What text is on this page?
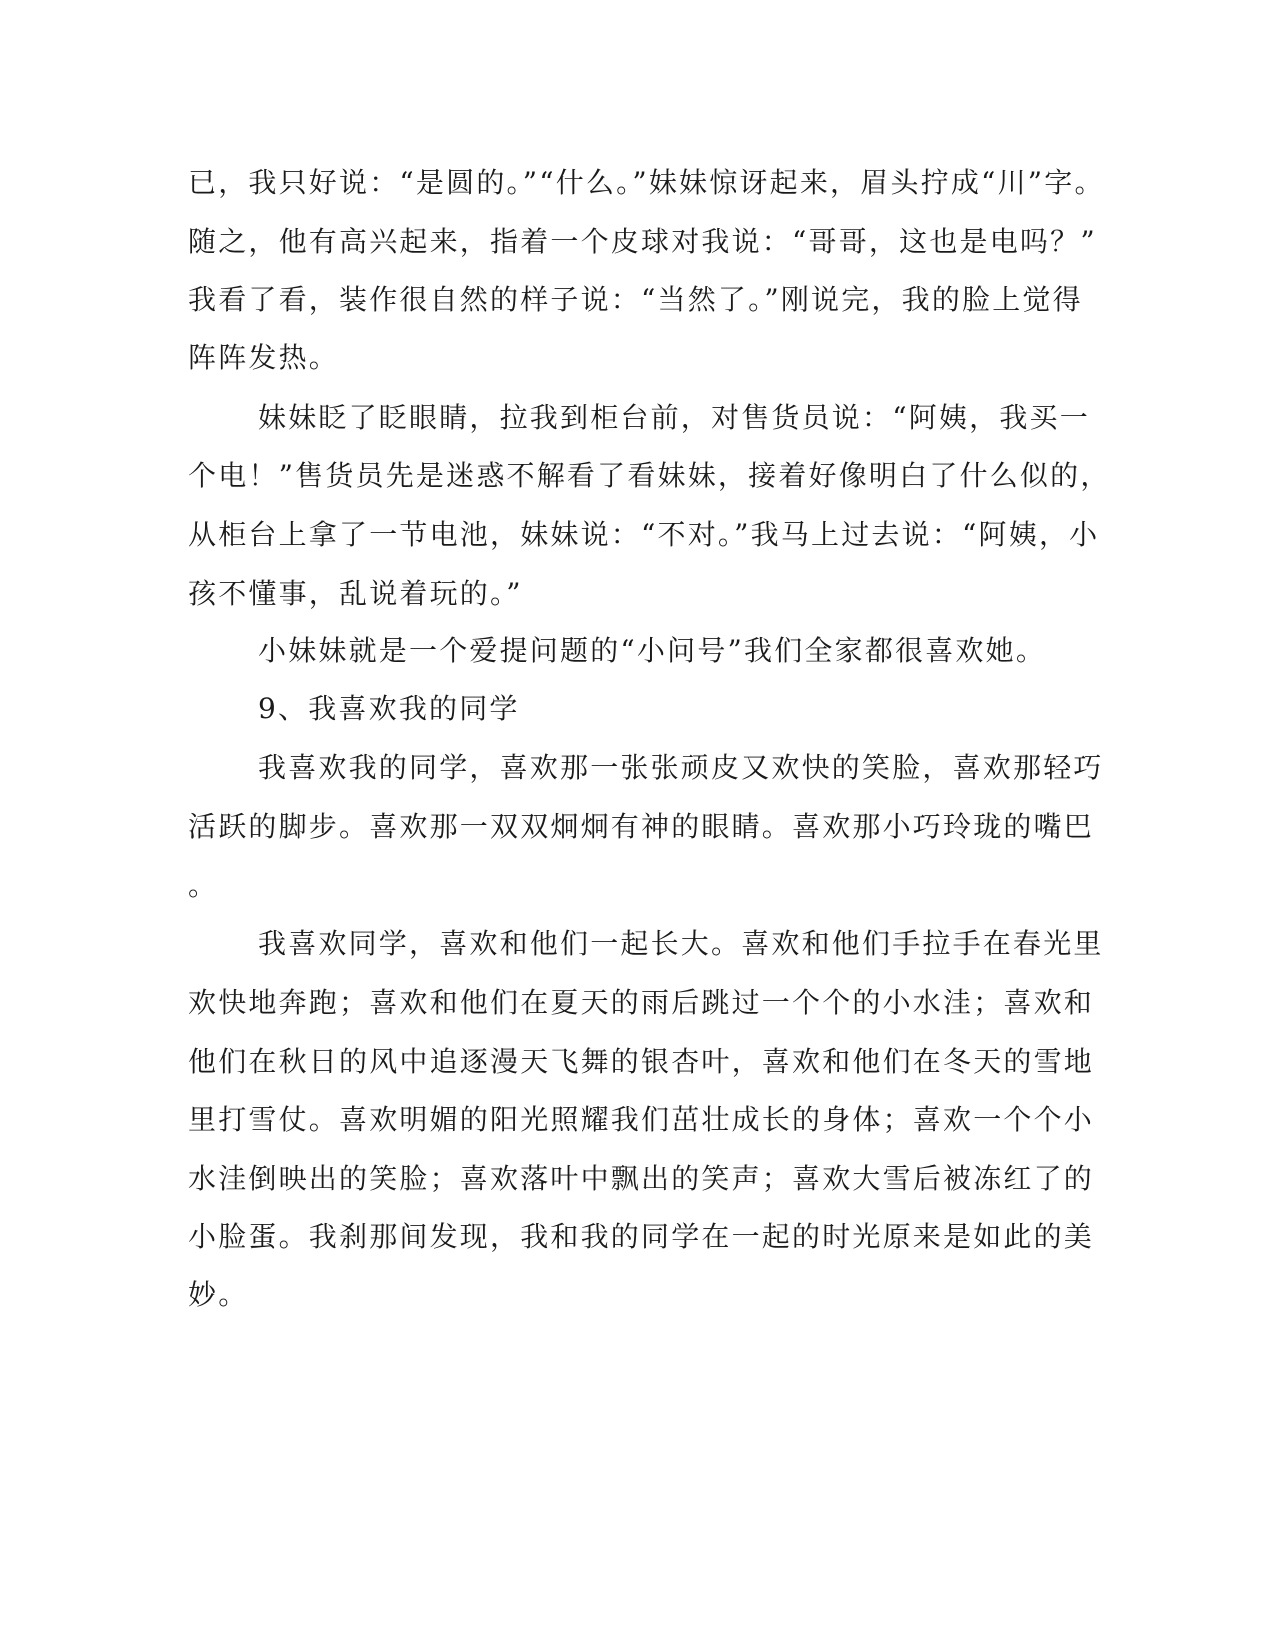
已，我只好说：“是圆的。”“什么。”妹妹惊讶起来，眉头拧成“川”字。
随之，他有高兴起来，指着一个皮球对我说：“哥哥，这也是电吗？”
我看了看，装作很自然的样子说：“当然了。”刚说完，我的脸上觉得
阵阵发热。
妹妹眨了眨眼睛，拉我到柜台前，对售货员说：“阿姨，我买一
个电！”售货员先是迷惑不解看了看妹妹，接着好像明白了什么似的，
从柜台上拿了一节电池，妹妹说：“不对。”我马上过去说：“阿姨，小
孩不懂事，乱说着玩的。”
小妹妹就是一个爱提问题的“小问号”我们全家都很喜欢她。
9、我喜欢我的同学
我喜欢我的同学，喜欢那一张张顽皮又欢快的笑脸，喜欢那轻巧
活跃的脚步。喜欢那一双双炯炯有神的眼睛。喜欢那小巧玲珑的嘴巴
。
我喜欢同学，喜欢和他们一起长大。喜欢和他们手拉手在春光里
欢快地奔跑；喜欢和他们在夏天的雨后跳过一个个的小水洼；喜欢和
他们在秋日的风中追逐漫天飞舞的银杏叶，喜欢和他们在冬天的雪地
里打雪仗。喜欢明媚的阳光照耀我们茁壮成长的身体；喜欢一个个小
水洼倒映出的笑脸；喜欢落叶中飘出的笑声；喜欢大雪后被冻红了的
小脸蛋。我刹那间发现，我和我的同学在一起的时光原来是如此的美
妙。
